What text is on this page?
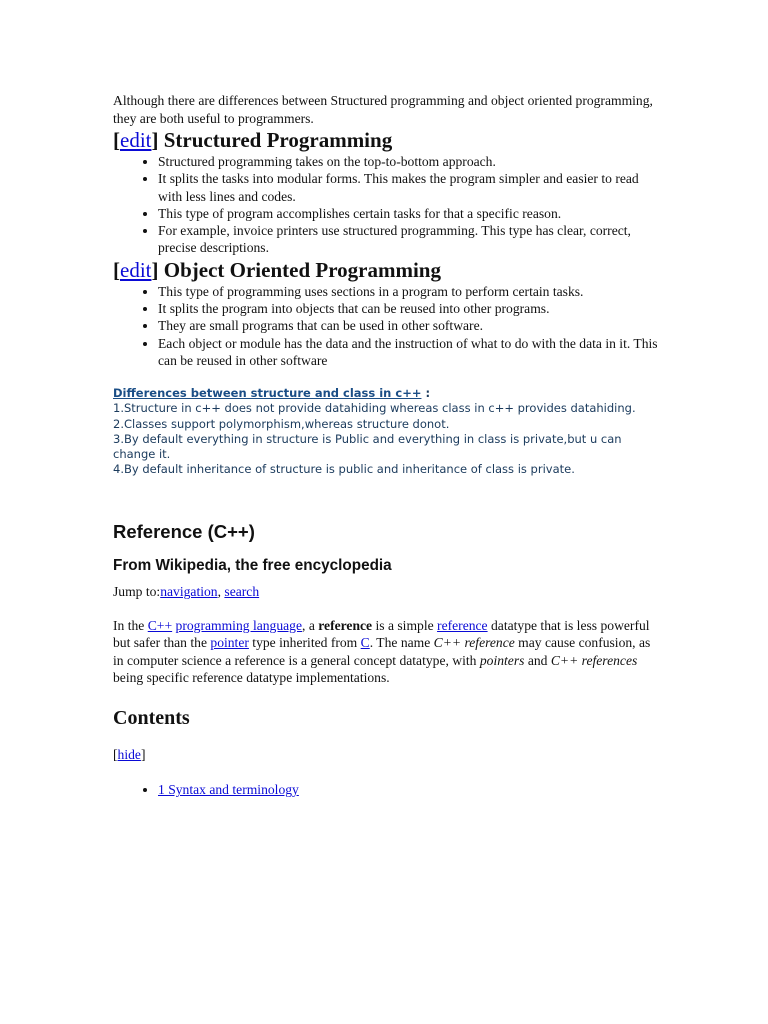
Although there are differences between Structured programming and object oriented programming, they are both useful to programmers.

[edit] Structured Programming
• Structured programming takes on the top-to-bottom approach.
• It splits the tasks into modular forms. This makes the program simpler and easier to read with less lines and codes.
• This type of program accomplishes certain tasks for that a specific reason.
• For example, invoice printers use structured programming. This type has clear, correct, precise descriptions.
[edit] Object Oriented Programming
• This type of programming uses sections in a program to perform certain tasks.
• It splits the program into objects that can be reused into other programs.
• They are small programs that can be used in other software.
• Each object or module has the data and the instruction of what to do with the data in it. This can be reused in other software
Differences between structure and class in c++ :
1.Structure in c++ does not provide datahiding whereas class in c++ provides datahiding.
2.Classes support polymorphism,whereas structure donot.
3.By default everything in structure is Public and everything in class is private,but u can change it.
4.By default inheritance of structure is public and inheritance of class is private.
Reference (C++)
From Wikipedia, the free encyclopedia

Jump to:navigation, search

In the C++ programming language, a reference is a simple reference datatype that is less powerful but safer than the pointer type inherited from C. The name C++ reference may cause confusion, as in computer science a reference is a general concept datatype, with pointers and C++ references being specific reference datatype implementations.

Contents

[hide]

• 1 Syntax and terminology
